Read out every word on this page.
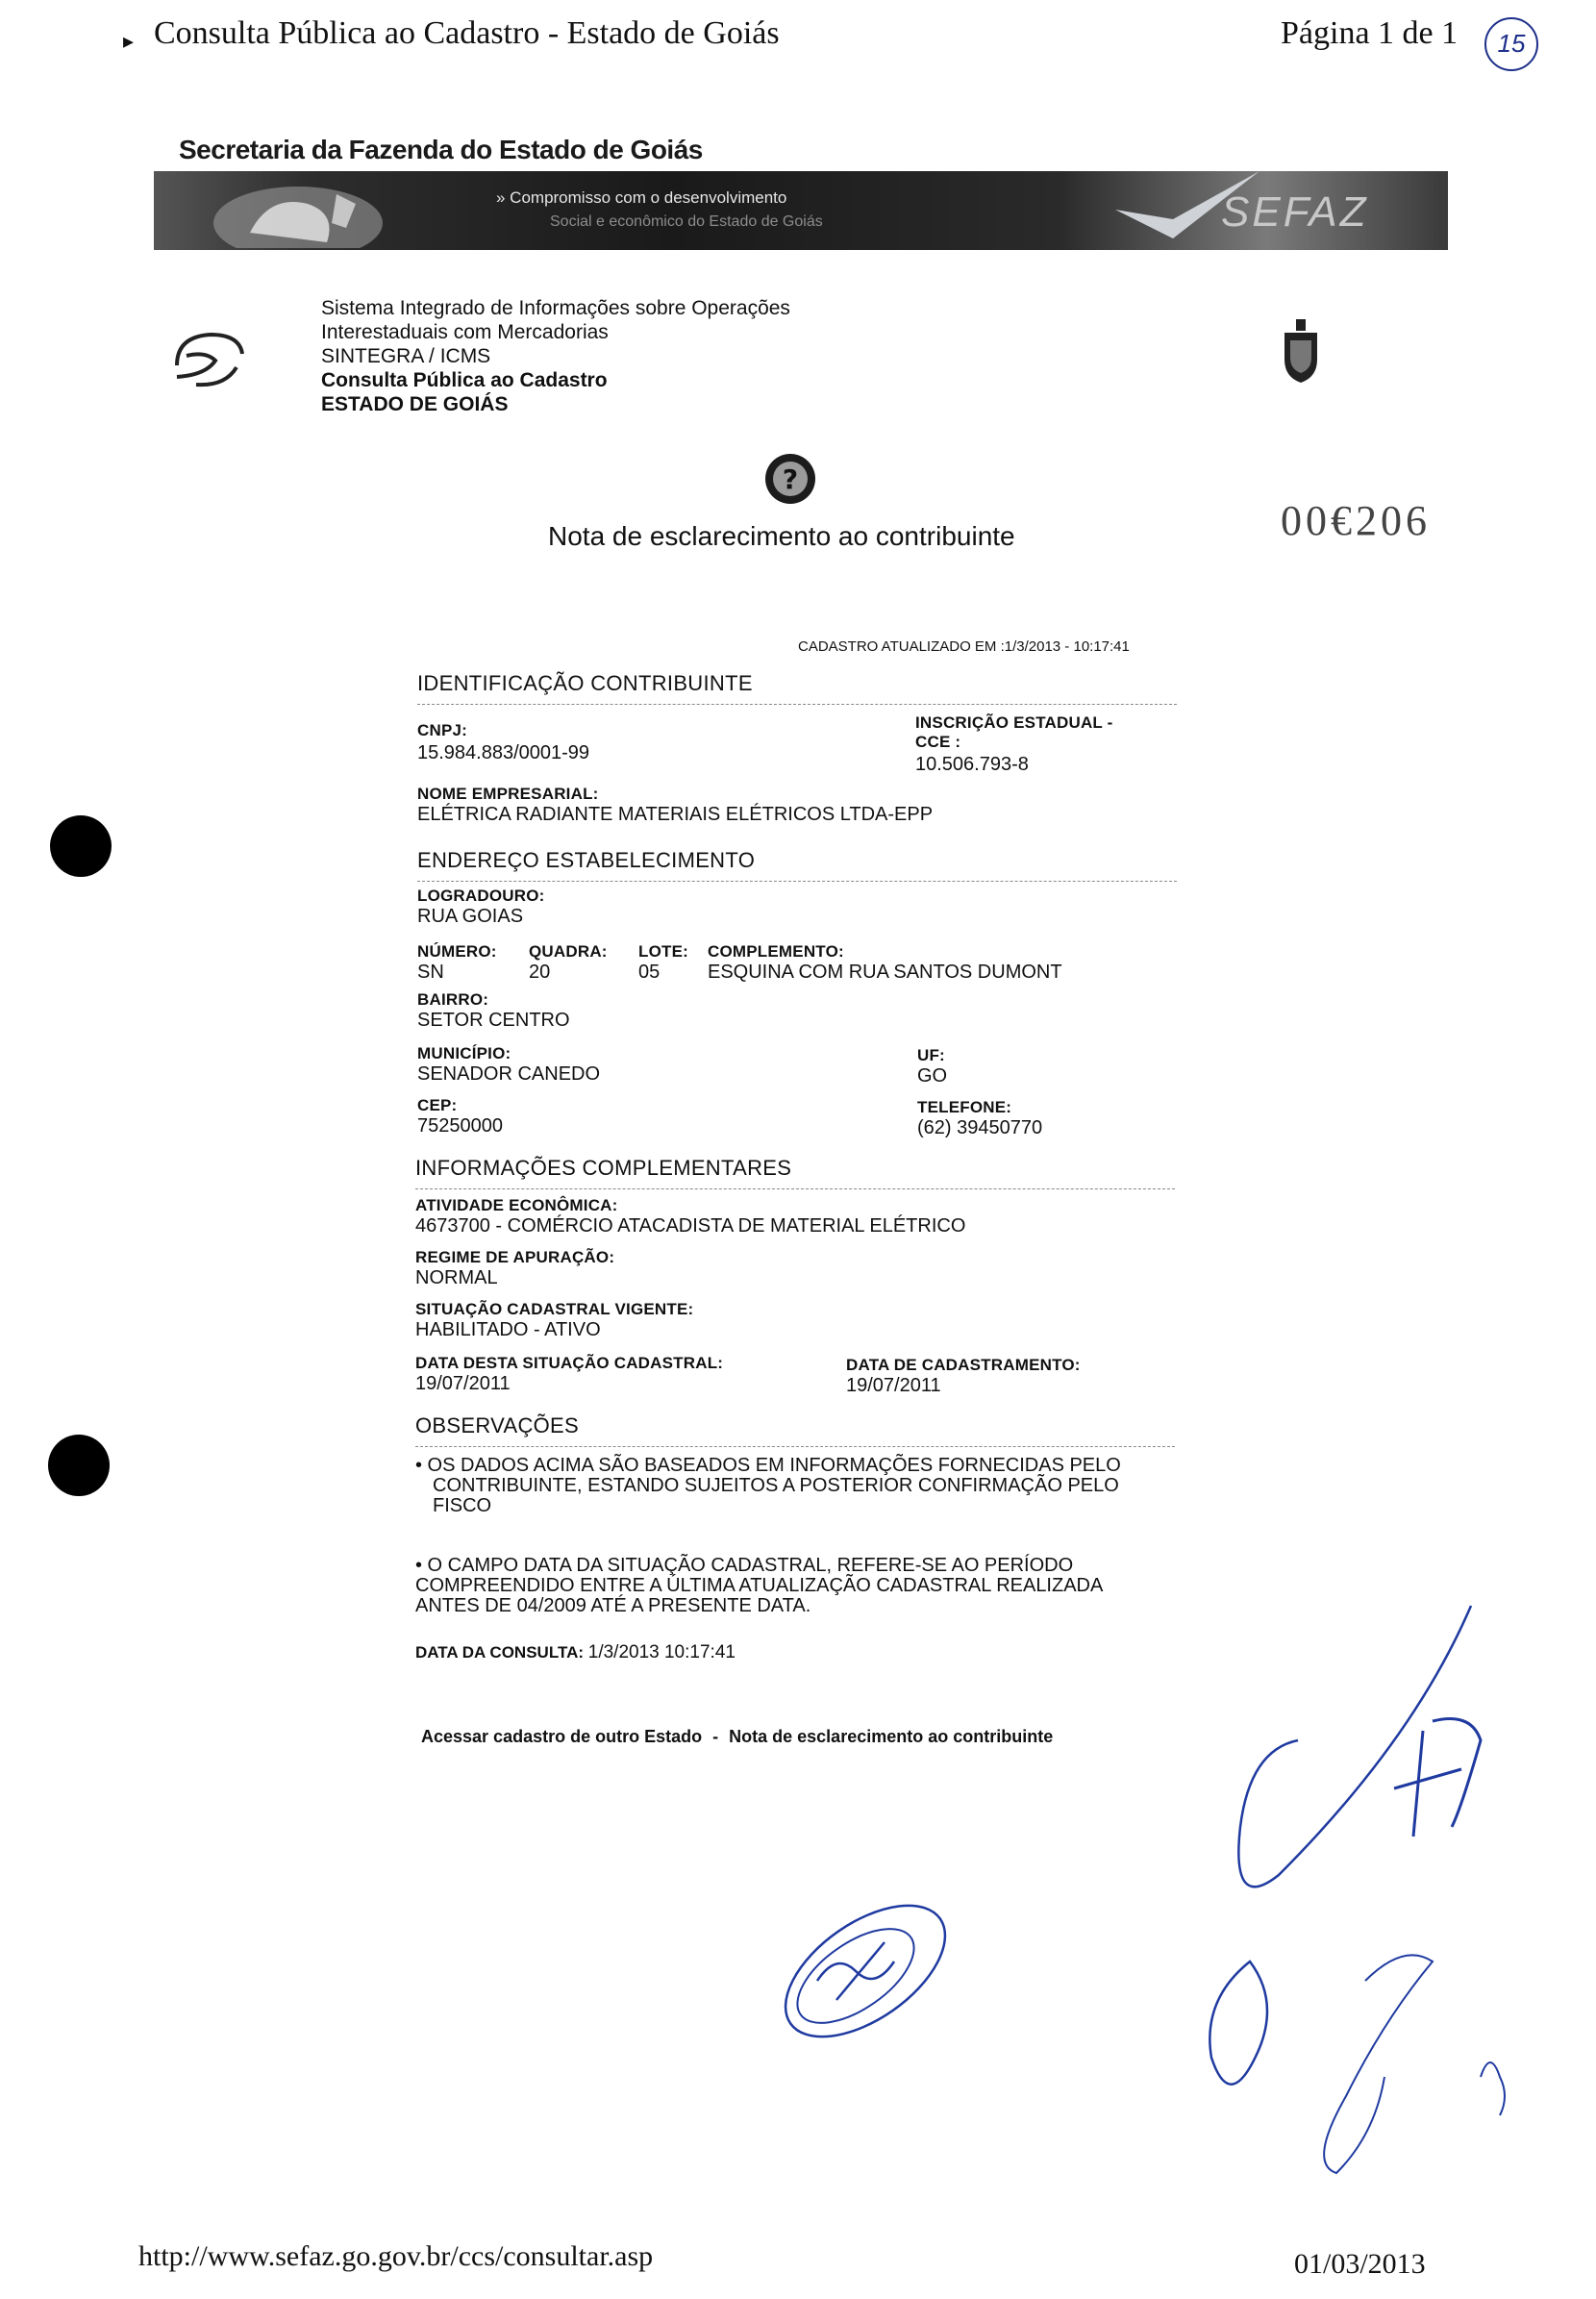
▸ Consulta Pública ao Cadastro - Estado de Goiás	Página 1 de 1	15
Secretaria da Fazenda do Estado de Goiás
» Compromisso com o desenvolvimento
Social e econômico do Estado de Goiás	SEFAZ
Sistema Integrado de Informações sobre Operações
Interestaduais com Mercadorias
SINTEGRA / ICMS
Consulta Pública ao Cadastro
ESTADO DE GOIÁS
?
Nota de esclarecimento ao contribuinte	00€206
CADASTRO ATUALIZADO EM :1/3/2013 - 10:17:41
IDENTIFICAÇÃO CONTRIBUINTE
CNPJ:
15.984.883/0001-99
INSCRIÇÃO ESTADUAL -
CCE :
10.506.793-8
NOME EMPRESARIAL:
ELÉTRICA RADIANTE MATERIAIS ELÉTRICOS LTDA-EPP
ENDEREÇO ESTABELECIMENTO
LOGRADOURO:
RUA GOIAS
NÚMERO:
SN
QUADRA:
20
LOTE:
05
COMPLEMENTO:
ESQUINA COM RUA SANTOS DUMONT
BAIRRO:
SETOR CENTRO
MUNICÍPIO:
SENADOR CANEDO
UF:
GO
CEP:
75250000
TELEFONE:
(62) 39450770
INFORMAÇÕES COMPLEMENTARES
ATIVIDADE ECONÔMICA:
4673700 - COMÉRCIO ATACADISTA DE MATERIAL ELÉTRICO
REGIME DE APURAÇÃO:
NORMAL
SITUAÇÃO CADASTRAL VIGENTE:
HABILITADO - ATIVO
DATA DESTA SITUAÇÃO CADASTRAL:
19/07/2011
DATA DE CADASTRAMENTO:
19/07/2011
OBSERVAÇÕES
• OS DADOS ACIMA SÃO BASEADOS EM INFORMAÇÕES FORNECIDAS PELO
CONTRIBUINTE, ESTANDO SUJEITOS A POSTERIOR CONFIRMAÇÃO PELO
FISCO
• O CAMPO DATA DA SITUAÇÃO CADASTRAL, REFERE-SE AO PERÍODO
COMPREENDIDO ENTRE A ÚLTIMA ATUALIZAÇÃO CADASTRAL REALIZADA
ANTES DE 04/2009 ATÉ A PRESENTE DATA.
DATA DA CONSULTA: 1/3/2013 10:17:41
Acessar cadastro de outro Estado - Nota de esclarecimento ao contribuinte
http://www.sefaz.go.gov.br/ccs/consultar.asp	01/03/2013
